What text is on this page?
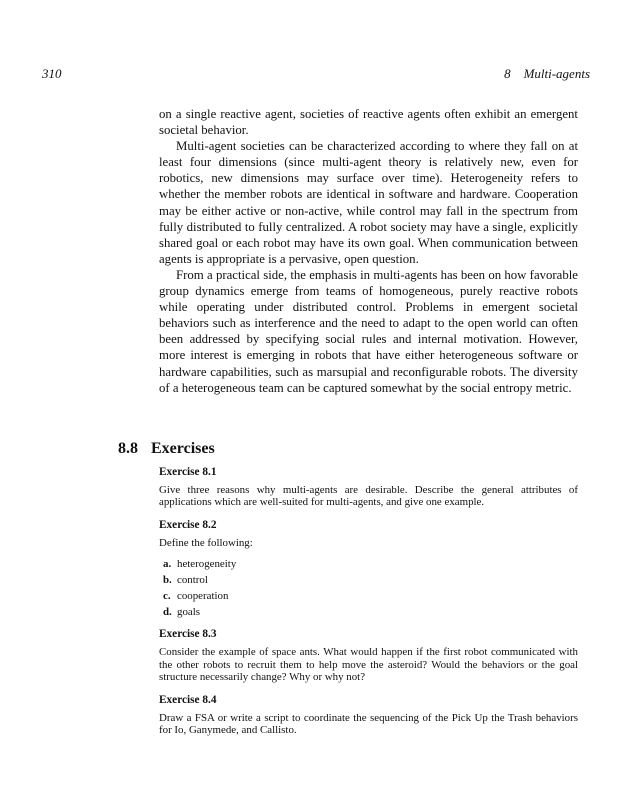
310	8 Multi-agents

on a single reactive agent, societies of reactive agents often exhibit an emergent societal behavior.

Multi-agent societies can be characterized according to where they fall on at least four dimensions (since multi-agent theory is relatively new, even for robotics, new dimensions may surface over time). Heterogeneity refers to whether the member robots are identical in software and hardware. Cooperation may be either active or non-active, while control may fall in the spectrum from fully distributed to fully centralized. A robot society may have a single, explicitly shared goal or each robot may have its own goal. When communication between agents is appropriate is a pervasive, open question.

From a practical side, the emphasis in multi-agents has been on how favorable group dynamics emerge from teams of homogeneous, purely reactive robots while operating under distributed control. Problems in emergent societal behaviors such as interference and the need to adapt to the open world can often been addressed by specifying social rules and internal motivation. However, more interest is emerging in robots that have either heterogeneous software or hardware capabilities, such as marsupial and reconfigurable robots. The diversity of a heterogeneous team can be captured somewhat by the social entropy metric.

8.8 Exercises
Exercise 8.1

Give three reasons why multi-agents are desirable. Describe the general attributes of applications which are well-suited for multi-agents, and give one example.

Exercise 8.2

Define the following:

a. heterogeneity
b. control
c. cooperation
d. goals
Exercise 8.3

Consider the example of space ants. What would happen if the first robot communicated with the other robots to recruit them to help move the asteroid? Would the behaviors or the goal structure necessarily change? Why or why not?

Exercise 8.4

Draw a FSA or write a script to coordinate the sequencing of the Pick Up the Trash behaviors for Io, Ganymede, and Callisto.
